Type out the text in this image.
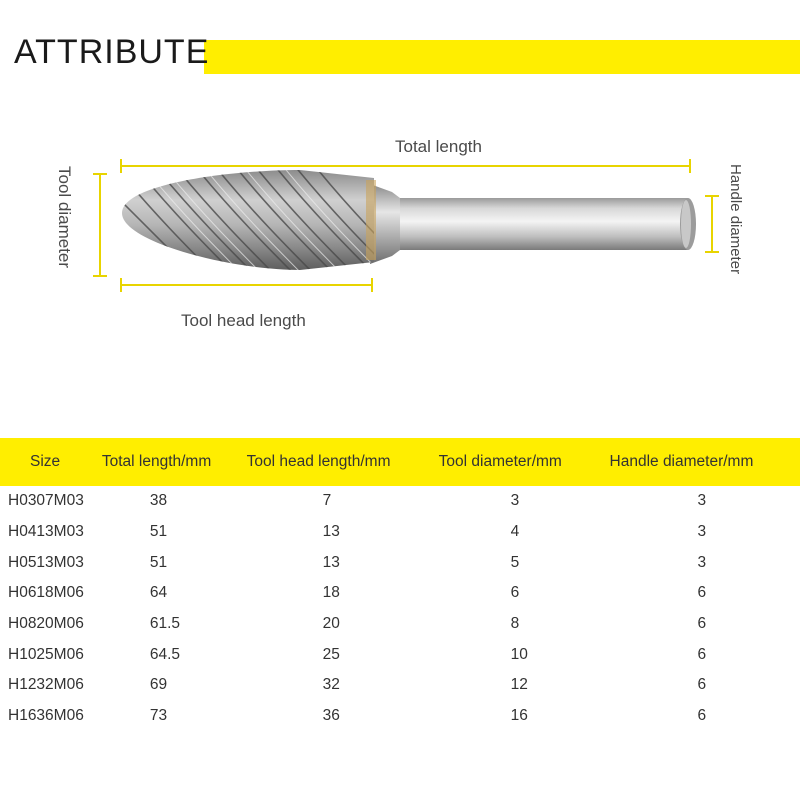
ATTRIBUTE
Total length
Tool head length
Tool diameter	Handle diameter
Size	Total length/mm	Tool head length/mm	Tool diameter/mm	Handle diameter/mm
H0307M03	38	7	3	3
H0413M03	51	13	4	3
H0513M03	51	13	5	3
H0618M06	64	18	6	6
H0820M06	61.5	20	8	6
H1025M06	64.5	25	10	6
H1232M06	69	32	12	6
H1636M06	73	36	16	6
